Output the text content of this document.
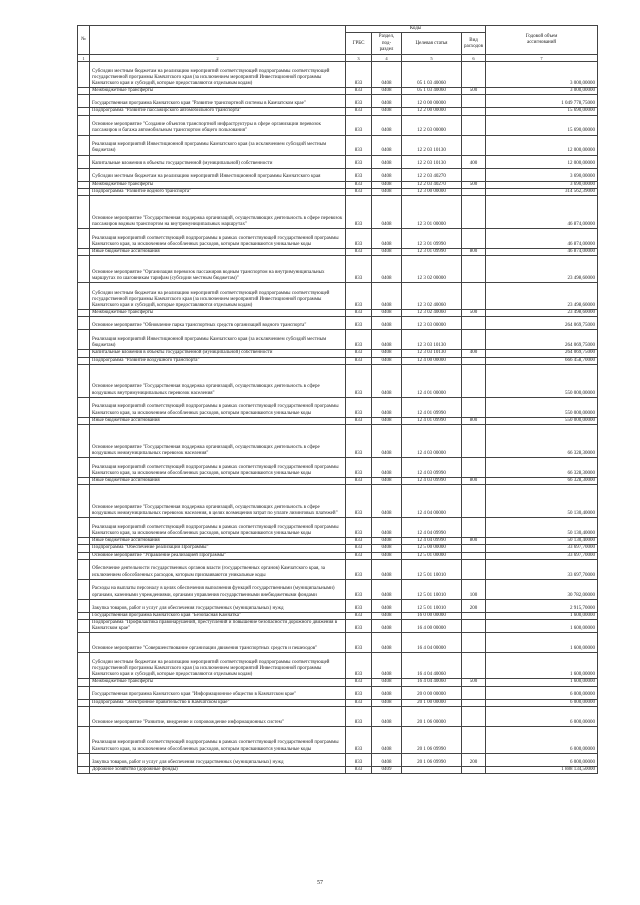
№		Коды				Годовой объем
ассигнований
		ГРБС	Раздел, под-
раздел	Целевая статья	Вид
расходов	
1	2	3	4	5	6	7
	Субсидии местным бюджетам на реализацию мероприятий соответствующей подпрограммы соответствующей государственной программы Камчатского края (за исключением мероприятий Инвестиционной программы Камчатского края и субсидий, которые предоставляются отдельным кодам)	833	0408	05 1 03 40060		3 000,00000
	Межбюджетные трансферты	833	0408	05 1 03 40060	500	3 000,00000
	Государственная программа Камчатского края "Развитие транспортной системы в Камчатском крае"	833	0408	12 0 00 00000		1 049 778,75000
	Подпрограмма "Развитие пассажирского автомобильного транспорта"	833	0408	12 2 00 00000		15 690,00000
	Основное мероприятие "Создание объектов транспортной инфраструктуры в сфере организации перевозок пассажиров и багажа автомобильным транспортом общего пользования"	833	0408	12 2 03 00000		15 690,00000
	Реализация мероприятий Инвестиционной программы Камчатского края (за исключением субсидий местным бюджетам)	833	0408	12 2 03 10130		12 000,00000
	Капитальные вложения в объекты государственной (муниципальной) собственности	833	0408	12 2 03 10130	400	12 000,00000
	Субсидии местным бюджетам на реализацию мероприятий Инвестиционной программы Камчатского края	833	0408	12 2 03 40270		3 690,00000
	Межбюджетные трансферты	833	0408	12 2 03 40270	500	3 690,00000
	Подпрограмма "Развитие водного транспорта"	833	0408	12 3 00 00000		314 562,39000
	Основное мероприятие "Государственная поддержка организаций, осуществляющих деятельность в сфере перевозок пассажиров водным транспортом на внутримуниципальных маршрутах"	833	0408	12 3 01 00000		46 874,00000
	Реализация мероприятий соответствующей подпрограммы в рамках соответствующей государственной программы Камчатского края, за исключением обособленных расходов, которым присваиваются уникальные коды	833	0408	12 3 01 09990		46 874,00000
	Иные бюджетные ассигнования	833	0408	12 3 01 09990	800	46 874,00000
	Основное мероприятие "Организация перевозок пассажиров водным транспортом на внутримуниципальных маршрутах по шаговникам тарифам (субсидии местным бюджетам)"	833	0408	12 3 02 00000		23 498,60000
	Субсидии местным бюджетам на реализацию мероприятий соответствующей подпрограммы соответствующей государственной программы Камчатского края (за исключением мероприятий Инвестиционной программы Камчатского края и субсидий, которые предоставляются отдельным кодам)	833	0408	12 3 02 40060		23 498,60000
	Межбюджетные трансферты	833	0408	12 3 02 40060	500	23 498,60000
	Основное мероприятие "Обновление парка транспортных средств организаций водного транспорта"	833	0408	12 3 03 00000		264 069,75000
	Реализация мероприятий Инвестиционной программы Камчатского края (за исключением субсидий местным бюджетам)	833	0408	12 3 03 10130		264 069,75000
	Капитальные вложения в объекты государственной (муниципальной) собственности	833	0408	12 3 03 10130	400	264 069,75000
	Подпрограмма "Развитие воздушного транспорта"	833	0408	12 4 00 00000		666 458,70000
	Основное мероприятие "Государственная поддержка организаций, осуществляющих деятельность в сфере воздушных внутримуниципальных перевозок населения"	833	0408	12 4 01 00000		550 000,00000
	Реализация мероприятий соответствующей подпрограммы в рамках соответствующей государственной программы Камчатского края, за исключением обособленных расходов, которым присваиваются уникальные коды	833	0408	12 4 01 09990		550 000,00000
	Иные бюджетные ассигнования	833	0408	12 4 01 09990	800	550 000,00000
	Основное мероприятие "Государственная поддержка организаций, осуществляющих деятельность в сфере воздушных межмуниципальных перевозок населения"	833	0408	12 4 03 00000		66 328,30000
	Реализация мероприятий соответствующей подпрограммы в рамках соответствующей государственной программы Камчатского края, за исключением обособленных расходов, которым присваиваются уникальные коды	833	0408	12 4 03 09990		66 328,30000
	Иные бюджетные ассигнования	833	0408	12 4 03 09990	800	66 328,30000
	Основное мероприятие "Государственная поддержка организаций, осуществляющих деятельность в сфере воздушных межмуниципальных перевозок населения, в целях возмещения затрат по уплате лизинговых платежей"	833	0408	12 4 04 00000		50 130,40000
	Реализация мероприятий соответствующей подпрограммы в рамках соответствующей государственной программы Камчатского края, за исключением обособленных расходов, которым присваиваются уникальные коды	833	0408	12 4 04 09990		50 130,40000
	Иные бюджетные ассигнования	833	0408	12 4 04 09990	800	50 130,40000
	Подпрограмма "Обеспечение реализации Программы"	833	0408	12 5 00 00000		33 697,70000
	Основное мероприятие "Управление реализацией Программы"	833	0408	12 5 01 00000		33 697,70000
	Обеспечение деятельности государственных органов власти (государственных органов) Камчатского края, за исключением обособленных расходов, которым присваиваются уникальные коды	833	0408	12 5 01 10010		33 697,70000
	Расходы на выплаты персоналу в целях обеспечения выполнения функций государственными (муниципальными) органами, казенными учреждениями, органами управления государственными внебюджетными фондами	833	0408	12 5 01 10010	100	30 782,00000
	Закупка товаров, работ и услуг для обеспечения государственных (муниципальных) нужд	833	0408	12 5 01 10010	200	2 915,70000
	Государственная программа Камчатского края "Безопасная Камчатка"	833	0408	16 0 00 00000		1 600,00000
	Подпрограмма "Профилактика правонарушений, преступлений и повышение безопасности дорожного движения в Камчатском крае"	833	0408	16 4 00 00000		1 600,00000
	Основное мероприятие "Совершенствование организации движения транспортных средств и пешеходов"	833	0408	16 4 04 00000		1 600,00000
	Субсидии местным бюджетам на реализацию мероприятий соответствующей подпрограммы соответствующей государственной программы Камчатского края (за исключением мероприятий Инвестиционной программы Камчатского края и субсидий, которые предоставляются отдельным кодам)	833	0408	16 4 04 40060		1 600,00000
	Межбюджетные трансферты	833	0408	16 4 04 40060	500	1 600,00000
	Государственная программа Камчатского края "Информационное общество в Камчатском крае"	833	0408	20 0 00 00000		6 000,00000
	Подпрограмма "Электронное правительство в Камчатском крае"	833	0408	20 1 00 00000		6 000,00000
	Основное мероприятие "Развитие, внедрение и сопровождение информационных систем"	833	0408	20 1 06 00000		6 000,00000
	Реализация мероприятий соответствующей подпрограммы в рамках соответствующей государственной программы Камчатского края, за исключением обособленных расходов, которым присваиваются уникальные коды	833	0408	20 1 06 09990		6 000,00000
	Закупка товаров, работ и услуг для обеспечения государственных (муниципальных) нужд	833	0408	20 1 06 09990	200	6 000,00000
	Дорожное хозяйство (дорожные фонды)	833	0409			1 888 134,50000
57
